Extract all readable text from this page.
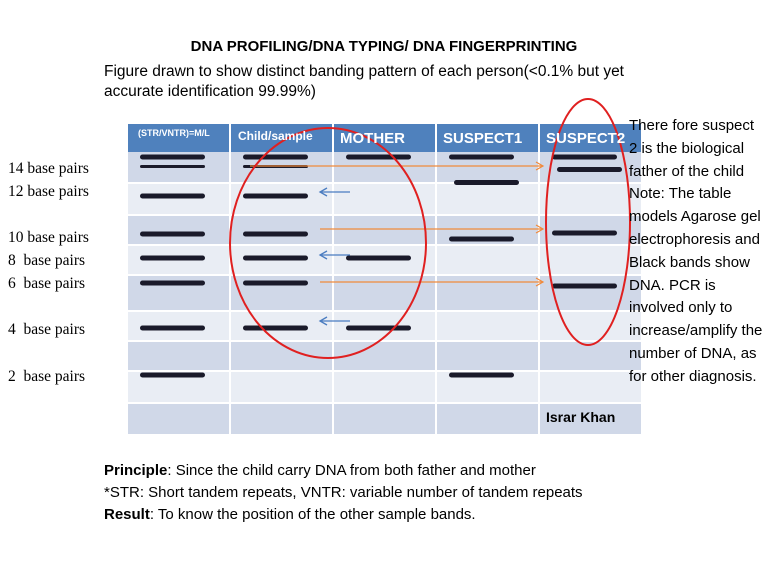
DNA PROFILING/DNA TYPING/ DNA FINGERPRINTING
Figure drawn to show distinct banding pattern of each person(<0.1% but yet accurate identification 99.99%)
14 base pairs
12 base pairs
10 base pairs
8  base pairs
6  base pairs
4  base pairs
2  base pairs
(STR/VNTR)=M/L Child/sample MOTHER	SUSPECT1 SUSPECT2
There fore suspect 2 is the biological father of the child Note: The table models Agarose gel electrophoresis and Black bands show DNA. PCR is involved only to increase/amplify the number of DNA, as for other diagnosis.
Israr Khan
Principle: Since the child carry DNA from both father and mother
*STR: Short tandem repeats, VNTR: variable number of tandem repeats
Result: To know the position of the other sample bands.
